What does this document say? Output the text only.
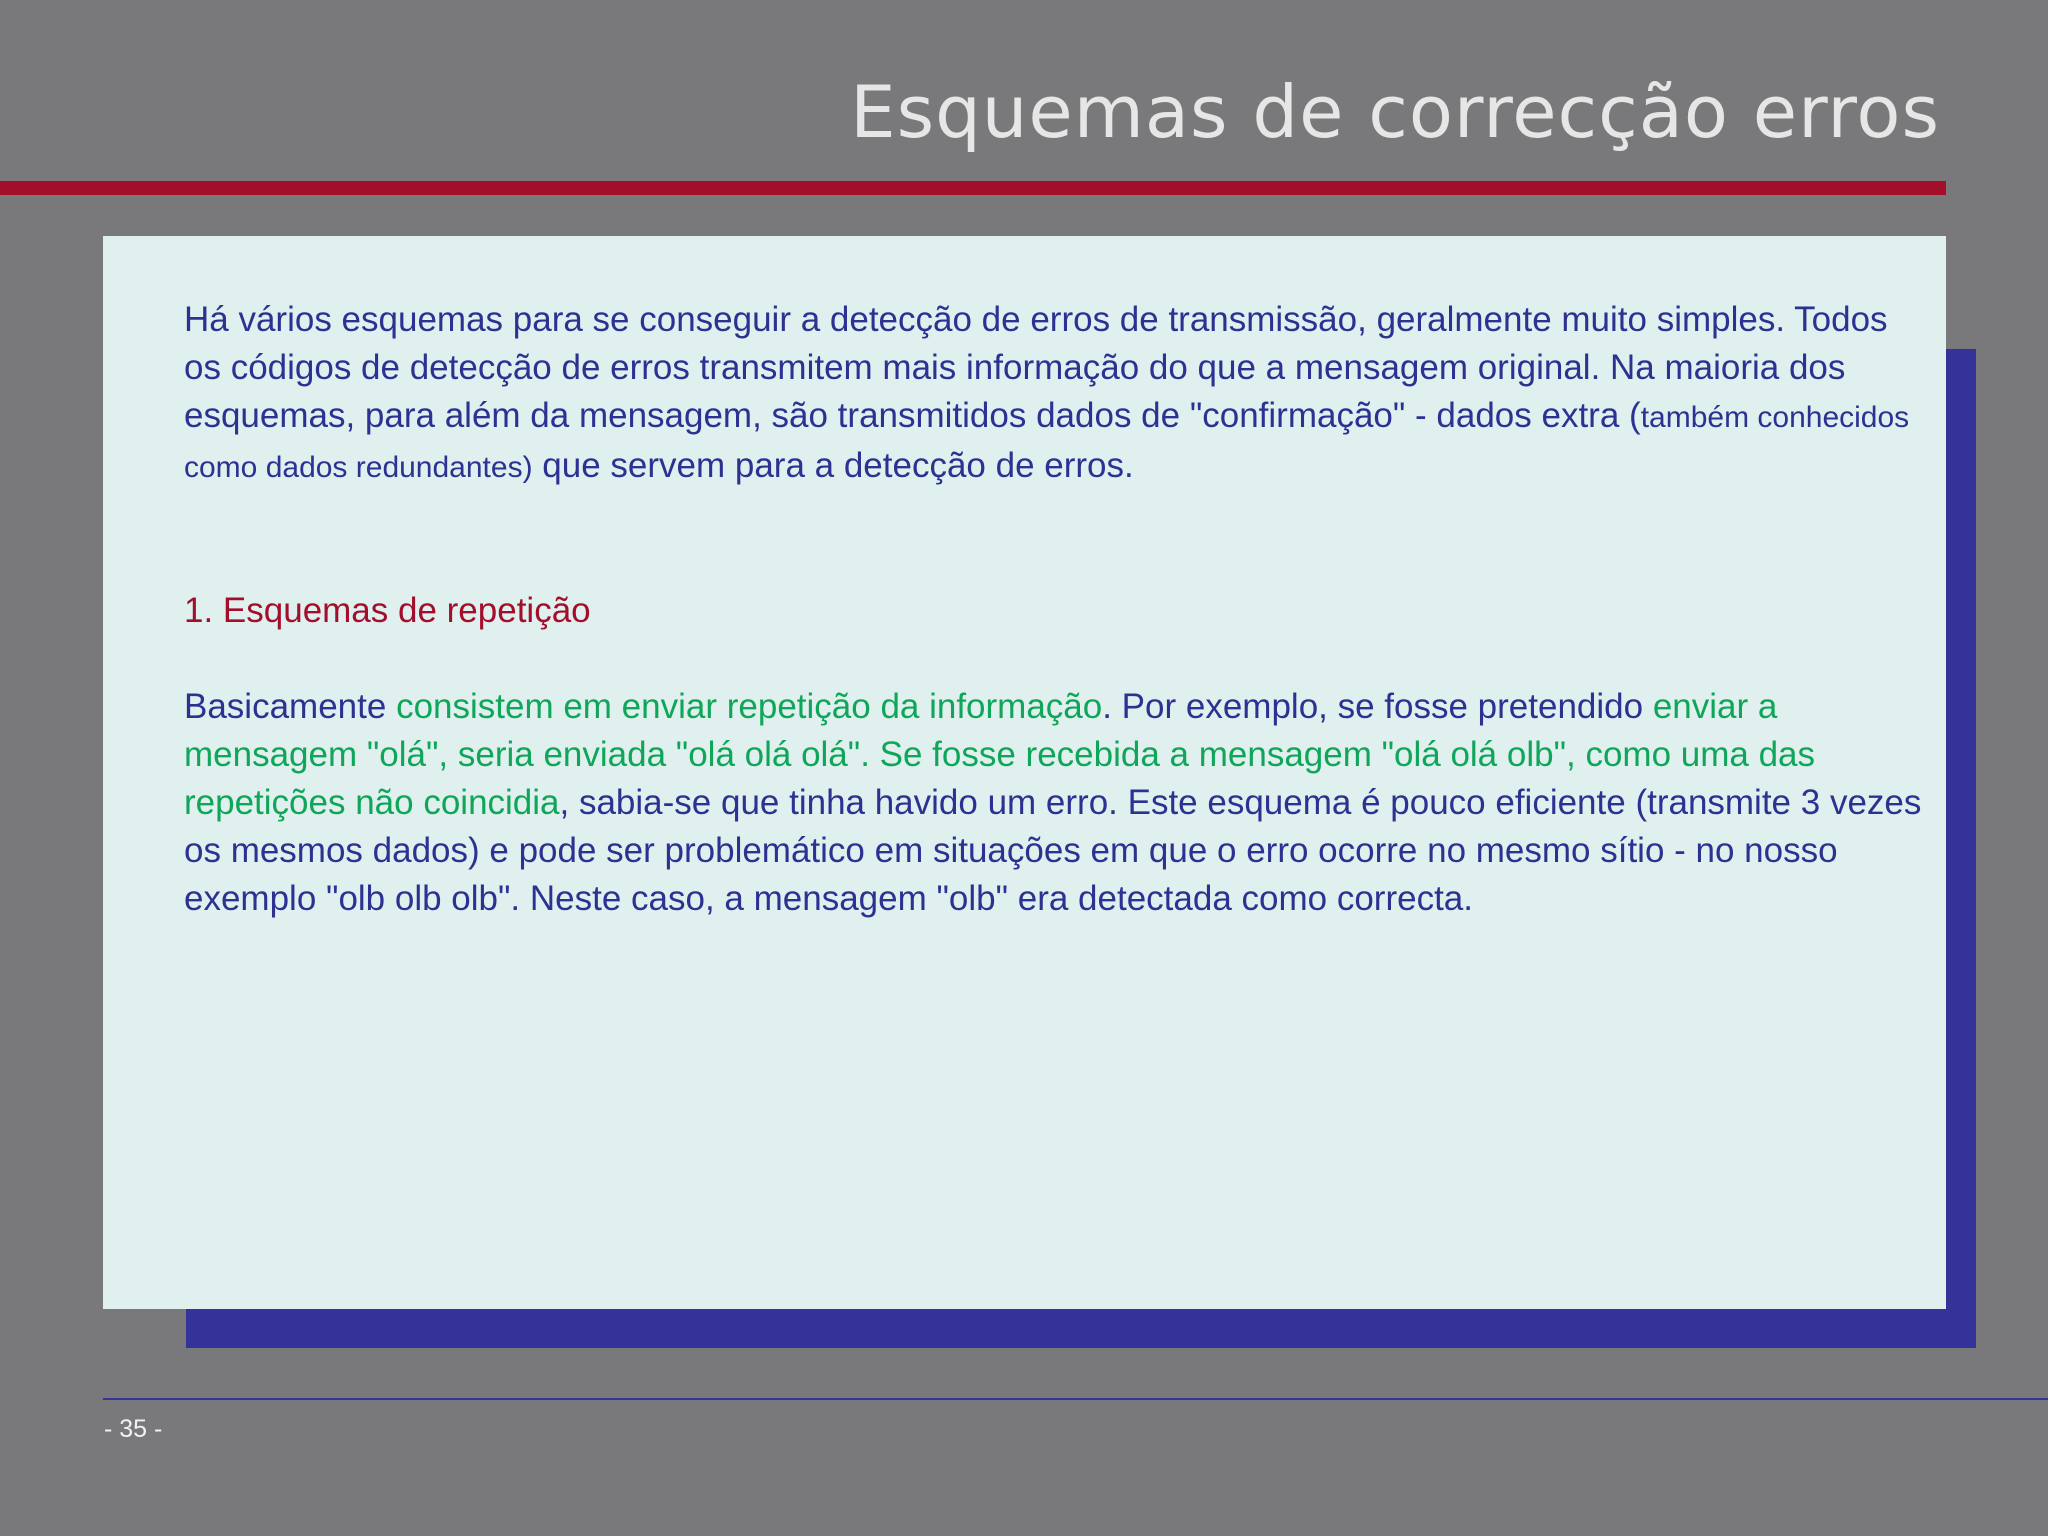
Esquemas de correcção erros

Há vários esquemas para se conseguir a detecção de erros de transmissão, geralmente muito simples. Todos os códigos de detecção de erros transmitem mais informação do que a mensagem original. Na maioria dos esquemas, para além da mensagem, são transmitidos dados de "confirmação" - dados extra (também conhecidos como dados redundantes) que servem para a detecção de erros.

1. Esquemas de repetição

Basicamente consistem em enviar repetição da informação. Por exemplo, se fosse pretendido enviar a mensagem "olá", seria enviada "olá olá olá". Se fosse recebida a mensagem "olá olá olb", como uma das repetições não coincidia, sabia-se que tinha havido um erro. Este esquema é pouco eficiente (transmite 3 vezes os mesmos dados) e pode ser problemático em situações em que o erro ocorre no mesmo sítio - no nosso exemplo "olb olb olb". Neste caso, a mensagem "olb" era detectada como correcta.

- 35 -
